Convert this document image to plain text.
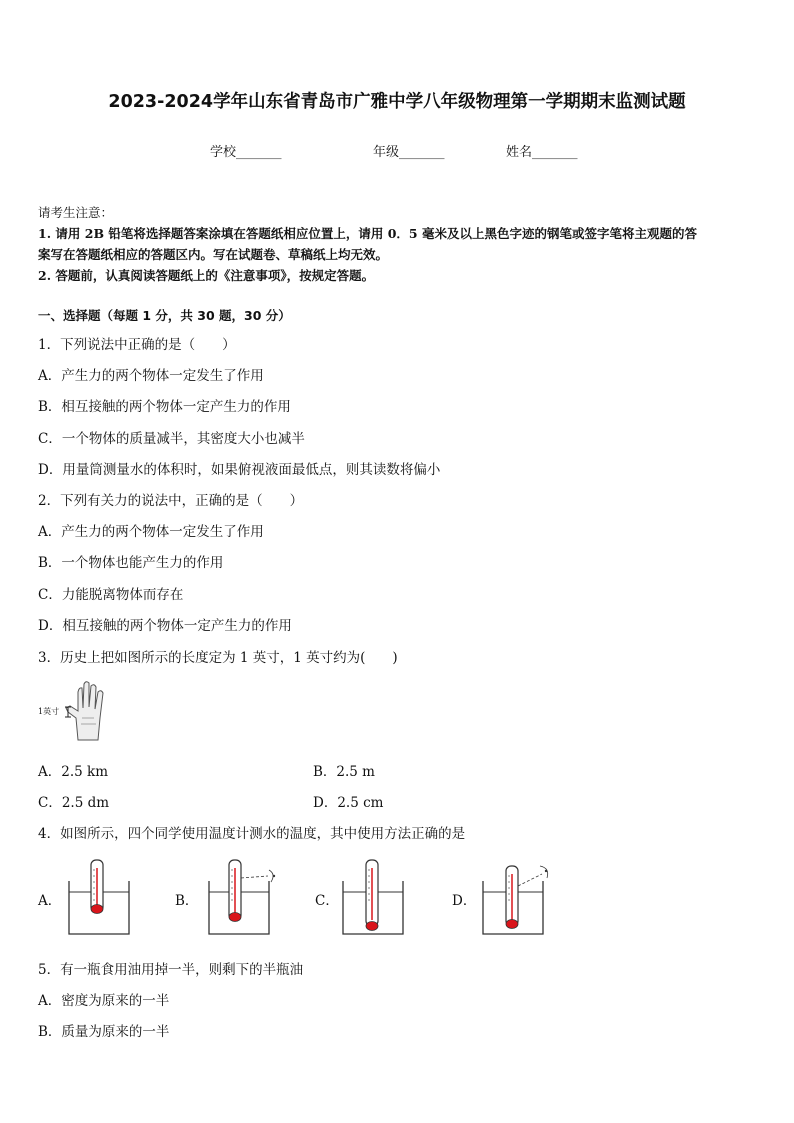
2023-2024学年山东省青岛市广雅中学八年级物理第一学期期末监测试题
学校_______	年级_______	姓名_______
请考生注意：
1. 请用 2B 铅笔将选择题答案涂填在答题纸相应位置上，请用 0．5 毫米及以上黑色字迹的钢笔或签字笔将主观题的答
案写在答题纸相应的答题区内。写在试题卷、草稿纸上均无效。
2. 答题前，认真阅读答题纸上的《注意事项》，按规定答题。
一、选择题（每题 1 分，共 30 题，30 分）
1．下列说法中正确的是（　　）
A．产生力的两个物体一定发生了作用
B．相互接触的两个物体一定产生力的作用
C．一个物体的质量减半，其密度大小也减半
D．用量筒测量水的体积时，如果俯视液面最低点，则其读数将偏小
2．下列有关力的说法中，正确的是（　　）
A．产生力的两个物体一定发生了作用
B．一个物体也能产生力的作用
C．力能脱离物体而存在
D．相互接触的两个物体一定产生力的作用
3．历史上把如图所示的长度定为 1 英寸，1 英寸约为(　　)
1英寸
A．2.5 km	B．2.5 m
C．2.5 dm	D．2.5 cm
4．如图所示，四个同学使用温度计测水的温度，其中使用方法正确的是
A．	B．	C．	D．
5．有一瓶食用油用掉一半，则剩下的半瓶油
A．密度为原来的一半
B．质量为原来的一半
